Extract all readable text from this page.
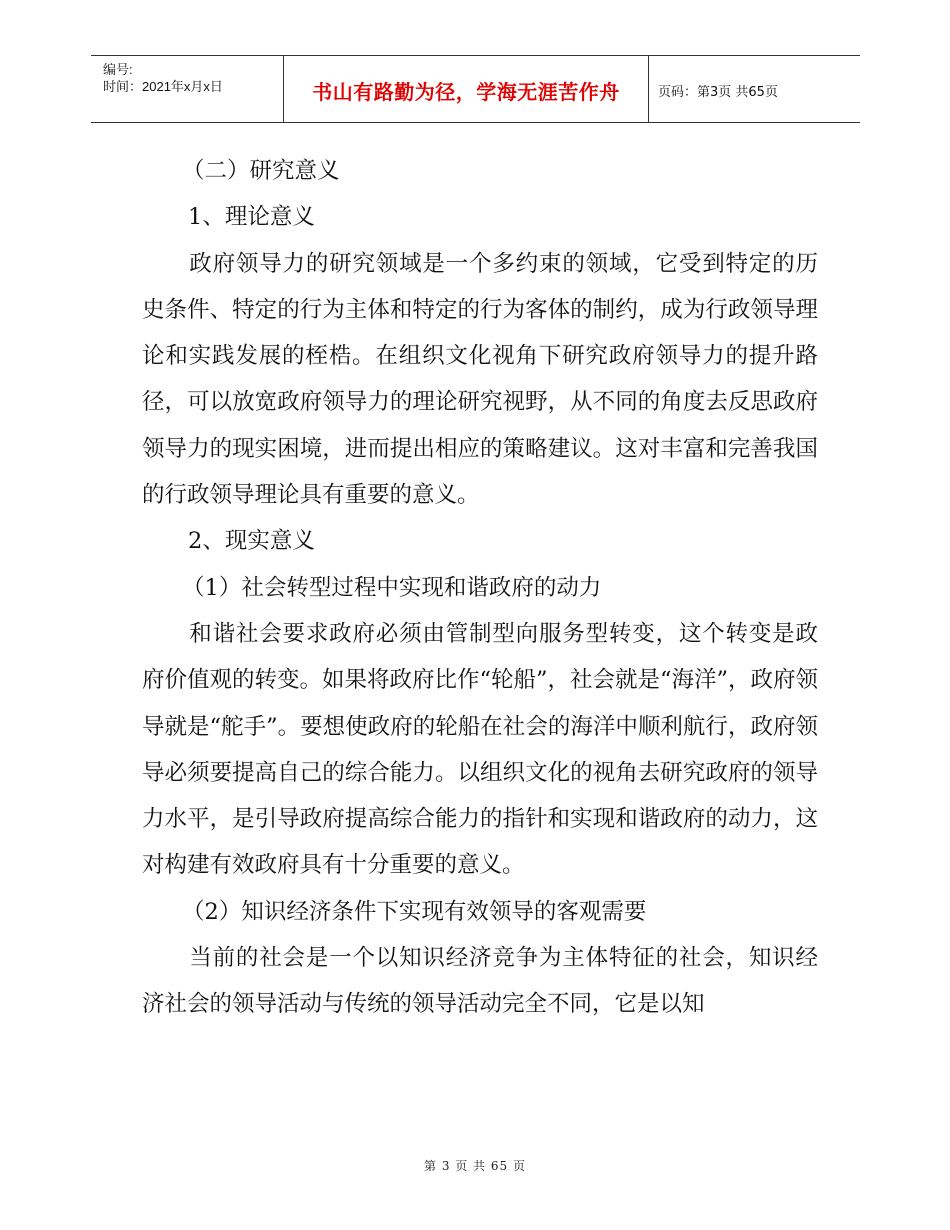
编号:
时间：2021年x月x日	书山有路勤为径，学海无涯苦作舟	页码：第3页 共65页

（二）研究意义

1、理论意义

政府领导力的研究领域是一个多约束的领域，它受到特定的历史条件、特定的行为主体和特定的行为客体的制约，成为行政领导理论和实践发展的桎梏。在组织文化视角下研究政府领导力的提升路径，可以放宽政府领导力的理论研究视野，从不同的角度去反思政府领导力的现实困境，进而提出相应的策略建议。这对丰富和完善我国的行政领导理论具有重要的意义。

2、现实意义

（1）社会转型过程中实现和谐政府的动力

和谐社会要求政府必须由管制型向服务型转变，这个转变是政府价值观的转变。如果将政府比作“轮船”，社会就是“海洋”，政府领导就是“舵手”。要想使政府的轮船在社会的海洋中顺利航行，政府领导必须要提高自己的综合能力。以组织文化的视角去研究政府的领导力水平，是引导政府提高综合能力的指针和实现和谐政府的动力，这对构建有效政府具有十分重要的意义。

（2）知识经济条件下实现有效领导的客观需要

当前的社会是一个以知识经济竞争为主体特征的社会，知识经济社会的领导活动与传统的领导活动完全不同，它是以知

第 3 页 共 65 页
